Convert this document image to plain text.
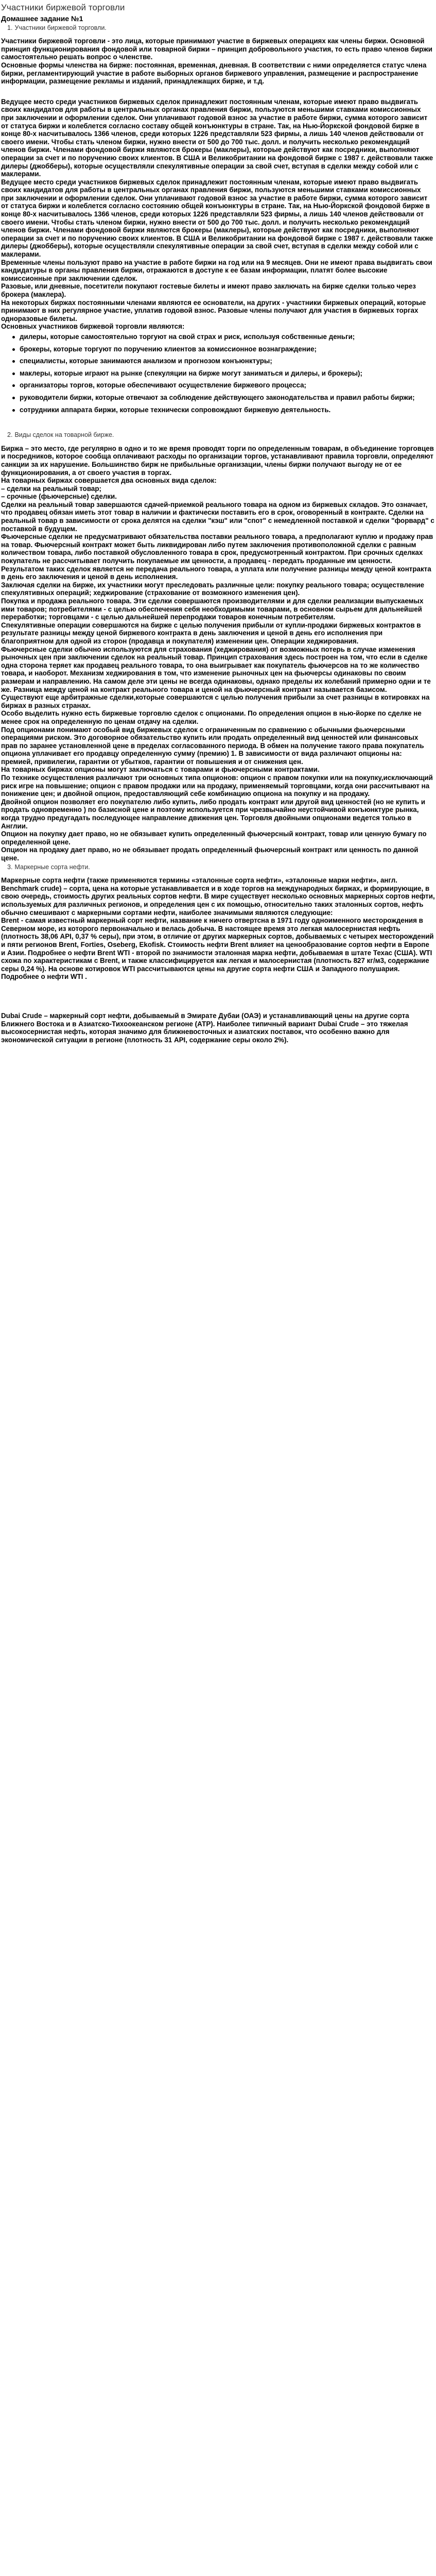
Участники биржевой торговли
Домашнее задание №1
1. Участники биржевой торговли.
Участники биржевой торговли - это лица, которые принимают участие в биржевых операциях как члены биржи. Основной принцип функционирования фондовой или товарной биржи – принцип добровольного участия, то есть право членов биржи самостоятельно решать вопрос о членстве.
Основные формы членства на бирже: постоянная, временная, дневная. В соответствии с ними определяется статус члена биржи, регламентирующий участие в работе выборных органов биржевого управления, размещение и распространение информации, размещение рекламы и изданий, принадлежащих бирже, и т.д.
Ведущее место среди участников биржевых сделок принадлежит постоянным членам, которые имеют право выдвигать своих кандидатов для работы в центральных органах правления биржи, пользуются меньшими ставками комиссионных при заключении и оформлении сделок. Они уплачивают годовой взнос за участие в работе биржи, сумма которого зависит от статуса биржи и колеблется согласно составу общей конъюнктуры в стране. Так, на Нью-Йоркской фондовой бирже в конце 80-х насчитывалось 1366 членов, среди которых 1226 представляли 523 фирмы, а лишь 140 членов действовали от своего имени. Чтобы стать членом биржи, нужно внести от 500 до 700 тыс. долл. и получить несколько рекомендаций членов биржи. Членами фондовой биржи являются брокеры (маклеры), которые действуют как посредники, выполняют операции за счет и по поручению своих клиентов. В США и Великобритании на фондовой бирже с 1987 г. действовали также дилеры (джобберы), которые осуществляли спекулятивные операции за свой счет, вступая в сделки между собой или с маклерами.
Ведущее место среди участников биржевых сделок принадлежит постоянным членам, которые имеют право выдвигать своих кандидатов для работы в центральных органах правления биржи, пользуются меньшими ставками комиссионных при заключении и оформлении сделок. Они уплачивают годовой взнос за участие в работе биржи, сумма которого зависит от статуса биржи и колеблется согласно состоянию общей конъюнктуры в стране. Так, на Нью-Йоркской фондовой бирже в конце 80-х насчитывалось 1366 членов, среди которых 1226 представляли 523 фирмы, а лишь 140 членов действовали от своего имени. Чтобы стать членом биржи, нужно внести от 500 до 700 тыс. долл. и получить несколько рекомендаций членов биржи. Членами фондовой биржи являются брокеры (маклеры), которые действуют как посредники, выполняют операции за счет и по поручению своих клиентов. В США и Великобритании на фондовой бирже с 1987 г. действовали также дилеры (джобберы), которые осуществляли спекулятивные операции за свой счет, вступая в сделки между собой или с маклерами.
Временные члены пользуют право на участие в работе биржи на год или на 9 месяцев. Они не имеют права выдвигать свои кандидатуры в органы правления биржи, отражаются в доступе к ее базам информации, платят более высокие комиссионные при заключении сделок.
Разовые, или дневные, посетители покупают гостевые билеты и имеют право заключать на бирже сделки только через брокера (маклера).
На некоторых биржах постоянными членами являются ее основатели, на других - участники биржевых операций, которые принимают в них регулярное участие, уплатив годовой взнос. Разовые члены получают для участия в биржевых торгах одноразовые билеты.
Основных участников биржевой торговли являются:
дилеры, которые самостоятельно торгуют на свой страх и риск, используя собственные деньги;
брокеры, которые торгуют по поручению клиентов за комиссионное вознаграждение;
специалисты, которые занимаются анализом и прогнозом конъюнктуры;
маклеры, которые играют на рынке (спекуляции на бирже могут заниматься и дилеры, и брокеры);
организаторы торгов, которые обеспечивают осуществление биржевого процесса;
руководители биржи, которые отвечают за соблюдение действующего законодательства и правил работы биржи;
сотрудники аппарата биржи, которые технически сопровождают биржевую деятельность.
2. Виды сделок на товарной бирже.
Биржа – это место, где регулярно в одно и то же время проводят торги по определенным товарам, в объединение торговцев и посредников, которое сообща оплачивают расходы по организации торгов, устанавливают правила торговли, определяют санкции за их нарушение. Большинство бирж не прибыльные организации, члены биржи получают выгоду не от ее функционирования, а от своего участия в торгах.
На товарных биржах совершается два основных вида сделок:
– сделки на реальный товар;
– срочные (фьючерсные) сделки.
Сделки на реальный товар завершаются сдачей-приемкой реального товара на одном из биржевых складов. Это означает, что продавец обязан иметь этот товар в наличии и фактически поставить его в срок, оговоренный в контракте. Сделки на реальный товар в зависимости от срока делятся на сделки "кэш" или "спот" с немедленной поставкой и сделки "форвард" с поставкой в будущем.
Фьючерсные сделки не предусматривают обязательства поставки реального товара, а предполагают куплю и продажу прав на товар. Фьючерсный контракт может быть ликвидирован либо путем заключения противоположной сделки с равным количеством товара, либо поставкой обусловленного товара в срок, предусмотренный контрактом. При срочных сделках покупатель не рассчитывает получить покупаемые им ценности, а продавец - передать проданные им ценности. Результатом таких сделок является не передача реального товара, а уплата или получение разницы между ценой контракта в день его заключения и ценой в день исполнения.
Заключая сделки на бирже, их участники могут преследовать различные цели: покупку реального товара; осуществление спекулятивных операций; хеджирование (страхование от возможного изменения цен).
Покупка и продажа реального товара. Эти сделки совершаются производителями и для сделки реализации выпускаемых ими товаров; потребителями - с целью обеспечения себя необходимыми товарами, в основном сырьем для дальнейшей переработки; торговцами - с целью дальнейшей перепродажи товаров конечным потребителям.
Спекулятивные операции совершаются на бирже с целью получения прибыли от купли-продажи биржевых контрактов в результате разницы между ценой биржевого контракта в день заключения и ценой в день его исполнения при благоприятном для одной из сторон (продавца и покупателя) изменении цен. Операции хеджирования.
Фьючерсные сделки обычно используются для страхования (хеджирования) от возможных потерь в случае изменения рыночных цен при заключении сделок на реальный товар. Принцип страхования здесь построен на том, что если в сделке одна сторона теряет как продавец реального товара, то она выигрывает как покупатель фьючерсов на то же количество товара, и наоборот. Механизм хеджирования в том, что изменение рыночных цен на фьючерсы одинаковы по своим размерам и направлению. На самом деле эти цены не всегда одинаковы, однако пределы их колебаний примерно одни и те же. Разница между ценой на контракт реального товара и ценой на фьючерсный контракт называется базисом.
Существуют еще арбитражные сделки,которые совершаются с целью получения прибыли за счет разницы в котировках на биржах в разных странах.
Особо выделить нужно есть биржевые торговлю сделок с опционами. По определения опцион в нью-йорке по сделке не менее срок на определенную по ценам отдачу на сделки.
Под опционами понимают особый вид биржевых сделок с ограниченным по сравнению с обычными фьючерсными операциями риском. Это договорное обязательство купить или продать определенный вид ценностей или финансовых прав по заранее установленной цене в пределах согласованного периода. В обмен на получение такого права покупатель опциона уплачивает его продавцу определенную сумму (премию) 1. В зависимости от вида различают опционы на: премией, привилегии, гарантии от убытков, гарантии от повышения и от снижения цен.
На товарных биржах опционы могут заключаться с товарами и фьючерсными контрактами.
По технике осуществления различают три основных типа опционов: опцион с правом покупки или на покупку,исключающий риск игре на повышение; опцион с правом продажи или на продажу, применяемый торговцами, когда они рассчитывают на понижение цен; и двойной опцион, предоставляющий себе комбинацию опциона на покупку и на продажу.
Двойной опцион позволяет его покупателю либо купить, либо продать контракт или другой вид ценностей (но не купить и продать одновременно ) по базисной цене и поэтому используется при чрезвычайно неустойчивой конъюнктуре рынка, когда трудно предугадать последующее направление движения цен. Торговля двойными опционами ведется только в Англии.
Опцион на покупку дает право, но не обязывает купить определенный фьючерсный контракт, товар или ценную бумагу по определенной цене.
Опцион на продажу дает право, но не обязывает продать определенный фьючерсный контракт или ценность по данной цене.
3. Маркерные сорта нефти.
Маркерные сорта нефти (также применяются термины «эталонные сорта нефти», «эталонные марки нефти», англ. Benchmark crude) – сорта, цена на которые устанавливается и в ходе торгов на международных биржах, и формирующие, в свою очередь, стоимость других реальных сортов нефти. В мире существует несколько основных маркерных сортов нефти, используемых для различных регионов, и определения цен с их помощью, относительно таких эталонных сортов, нефть обычно смешивают с маркерными сортами нефти, наиболее значимыми являются следующие:
Brent - самая известный маркерный сорт нефти, название к ничего отвертсна в 1971 году одноименного месторождения в Северном море, из которого первоначально и велась добыча. В настоящее время это легкая малосернистая нефть (плотность 38,06 API, 0,37 % серы), при этом, в отличие от других маркерных сортов, добываемых с четырех месторождений и пяти регионов Brent, Forties, Oseberg, Ekofisk. Стоимость нефти Brent влияет на ценообразование сортов нефти в Европе и Азии. Подробнее о нефти Brent WTI - второй по значимости эталонная марка нефти, добываемая в штате Техас (США). WTI схожа по характеристикам с Brent, и также классифицируется как легкая и малосернистая (плотность 827 кг/м3, содержание серы 0,24 %). На основе котировок WTI рассчитываются цены на другие сорта нефти США и Западного полушария. Подробнее о нефти WTI .
Dubai Crude – маркерный сорт нефти, добываемый в Эмирате Дубаи (ОАЭ) и устанавливающий цены на другие сорта Ближнего Востока и в Азиатско-Тихоокеанском регионе (АТР). Наиболее типичный вариант Dubai Crude – это тяжелая высокосернистая нефть, которая значимо для ближневосточных и азиатских поставок, что особенно важно для экономической ситуации в регионе (плотность 31 API, содержание серы около 2%).
